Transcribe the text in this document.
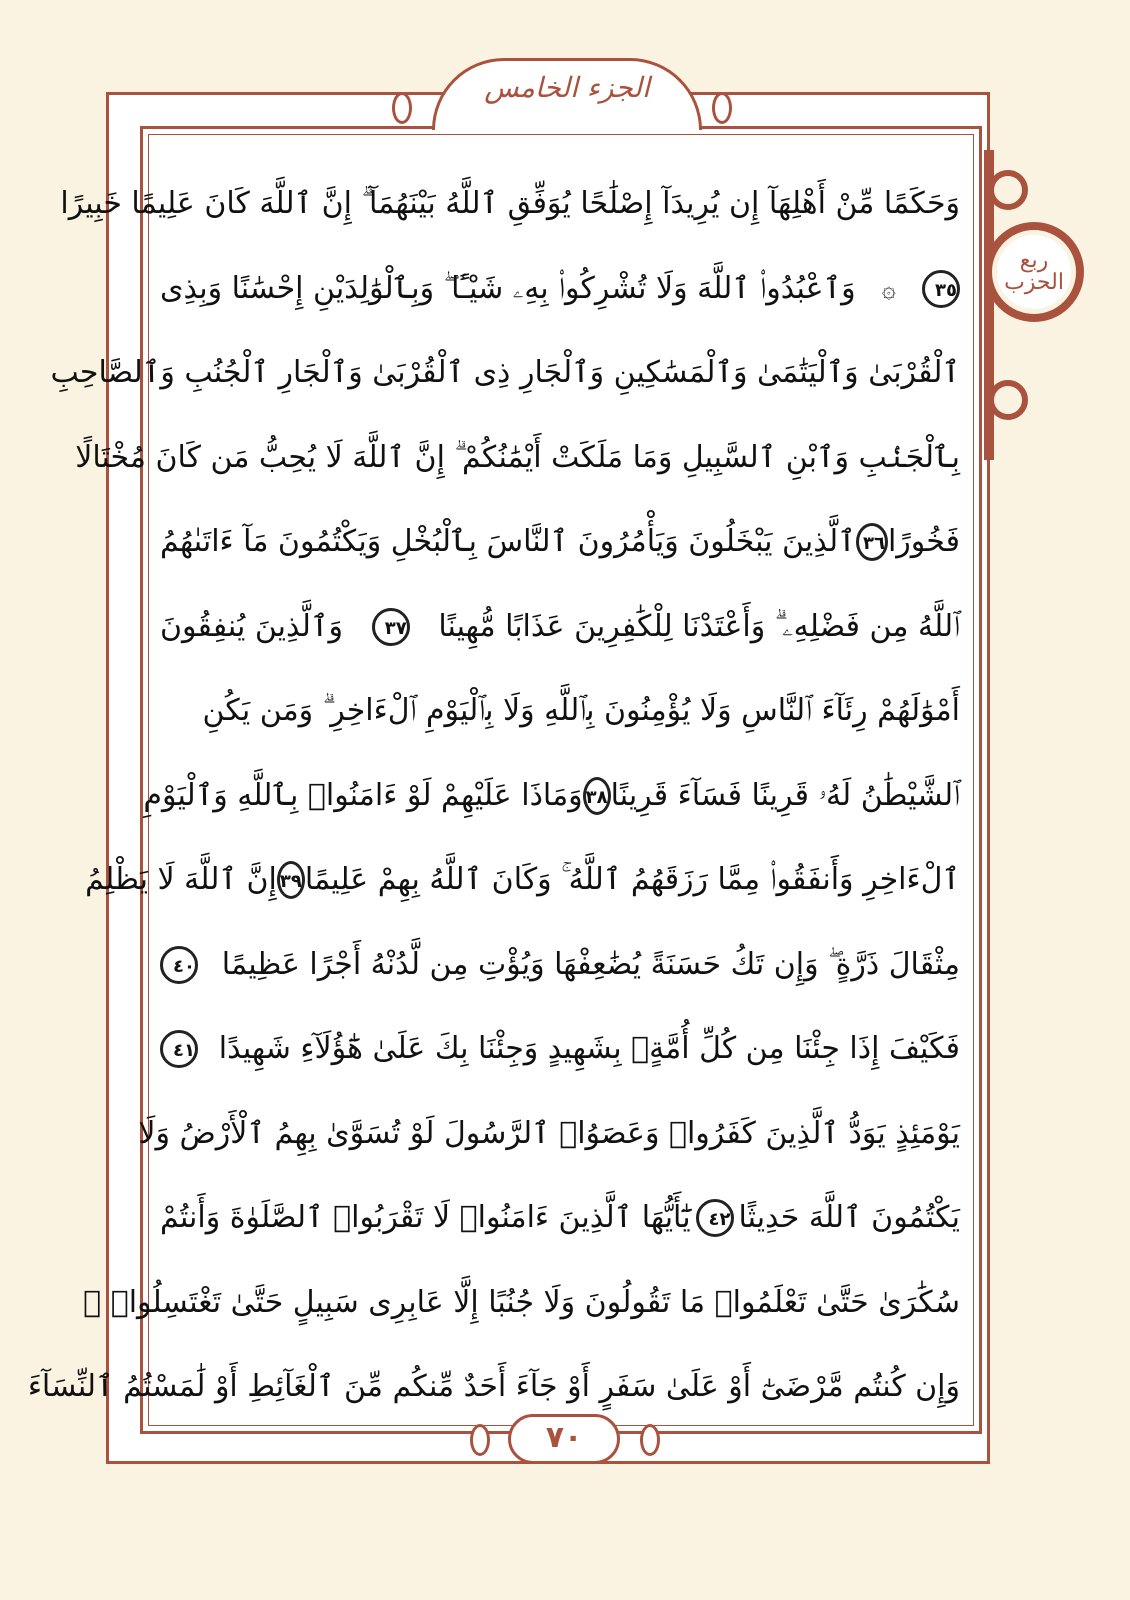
الجزء الخامس
ربع الحزب
وَحَكَمًا مِّنْ أَهْلِهَآ إِن يُرِيدَآ إِصْلَٰحًا يُوَفِّقِ ٱللَّهُ بَيْنَهُمَآ ۗ إِنَّ ٱللَّهَ كَانَ عَلِيمًا خَبِيرًا
٣٥
۞
وَٱعْبُدُوا۟ ٱللَّهَ وَلَا تُشْرِكُوا۟ بِهِۦ شَيْـًٔا ۖ وَبِٱلْوَٰلِدَيْنِ إِحْسَٰنًا وَبِذِى
ٱلْقُرْبَىٰ وَٱلْيَتَٰمَىٰ وَٱلْمَسَٰكِينِ وَٱلْجَارِ ذِى ٱلْقُرْبَىٰ وَٱلْجَارِ ٱلْجُنُبِ وَٱلصَّاحِبِ
بِٱلْجَنۢبِ وَٱبْنِ ٱلسَّبِيلِ وَمَا مَلَكَتْ أَيْمَٰنُكُمْ ۗ إِنَّ ٱللَّهَ لَا يُحِبُّ مَن كَانَ مُخْتَالًا
فَخُورًا
٣٦
ٱلَّذِينَ يَبْخَلُونَ وَيَأْمُرُونَ ٱلنَّاسَ بِٱلْبُخْلِ وَيَكْتُمُونَ مَآ ءَاتَىٰهُمُ
ٱللَّهُ مِن فَضْلِهِۦ ۗ وَأَعْتَدْنَا لِلْكَٰفِرِينَ عَذَابًا مُّهِينًا
٣٧
وَٱلَّذِينَ يُنفِقُونَ
أَمْوَٰلَهُمْ رِئَآءَ ٱلنَّاسِ وَلَا يُؤْمِنُونَ بِٱللَّهِ وَلَا بِٱلْيَوْمِ ٱلْءَاخِرِ ۗ وَمَن يَكُنِ
ٱلشَّيْطَٰنُ لَهُۥ قَرِينًا فَسَآءَ قَرِينًا
٣٨
وَمَاذَا عَلَيْهِمْ لَوْ ءَامَنُوا۟ بِٱللَّهِ وَٱلْيَوْمِ
ٱلْءَاخِرِ وَأَنفَقُوا۟ مِمَّا رَزَقَهُمُ ٱللَّهُ ۚ وَكَانَ ٱللَّهُ بِهِمْ عَلِيمًا
٣٩
إِنَّ ٱللَّهَ لَا يَظْلِمُ
مِثْقَالَ ذَرَّةٍ ۖ وَإِن تَكُ حَسَنَةً يُضَٰعِفْهَا وَيُؤْتِ مِن لَّدُنْهُ أَجْرًا عَظِيمًا
٤٠
فَكَيْفَ إِذَا جِئْنَا مِن كُلِّ أُمَّةٍۭ بِشَهِيدٍ وَجِئْنَا بِكَ عَلَىٰ هَٰٓؤُلَآءِ شَهِيدًا
٤١
يَوْمَئِذٍ يَوَدُّ ٱلَّذِينَ كَفَرُوا۟ وَعَصَوُا۟ ٱلرَّسُولَ لَوْ تُسَوَّىٰ بِهِمُ ٱلْأَرْضُ وَلَا
يَكْتُمُونَ ٱللَّهَ حَدِيثًا
٤٢
يَٰٓأَيُّهَا ٱلَّذِينَ ءَامَنُوا۟ لَا تَقْرَبُوا۟ ٱلصَّلَوٰةَ وَأَنتُمْ
سُكَٰرَىٰ حَتَّىٰ تَعْلَمُوا۟ مَا تَقُولُونَ وَلَا جُنُبًا إِلَّا عَابِرِى سَبِيلٍ حَتَّىٰ تَغْتَسِلُوا۟ ۚ
وَإِن كُنتُم مَّرْضَىٰٓ أَوْ عَلَىٰ سَفَرٍ أَوْ جَآءَ أَحَدٌ مِّنكُم مِّنَ ٱلْغَآئِطِ أَوْ لَٰمَسْتُمُ ٱلنِّسَآءَ
٧٠
